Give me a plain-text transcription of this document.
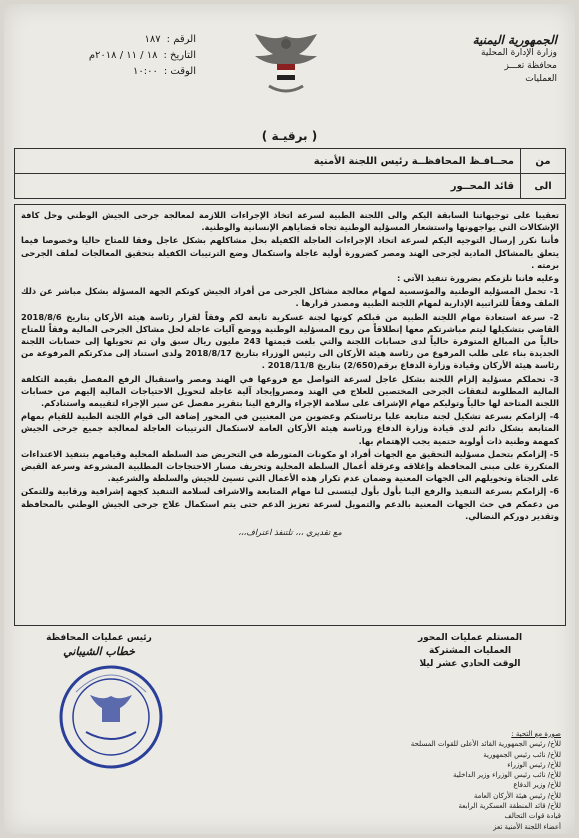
الجمهورية اليمنية
وزارة الإدارة المحلية
محافظة تعـــز
العمليات
الرقم :
١٨٧
التاريخ :
١٨ / ١١ / ٢٠١٨م
الوقت :
١٠:٠٠
( برقيـة )
من	محــافـظ المحافظــة رئيس اللجنة الأمنية
الى	قائد المحــور

تعقيبا على توجيهاتنا السابقة اليكم والى اللجنة الطبية لسرعة اتخاذ الإجراءات اللازمة لمعالجة جرحى الجيش الوطني وحل كافة الإشكالات التي يواجهونها واستشعار المسؤلية الوطنية تجاه قضاياهم الإنسانية والوطنية.

فأننا نكرر إرسال التوجيه اليكم لسرعة اتخاذ الإجراءات العاجلة الكفيلة بحل مشاكلهم بشكل عاجل وفقا للمتاح حاليا وخصوصا فيما يتعلق بالمشاكل المادية لجرحى الهند ومصر كضرورة أولية عاجلة واستكمال وضع الترتيبات الكفيلة بتحقيق المعالجات لملف الجرحى برمته .

وعليه فاننا نلزمكم بضرورة تنفيذ الآتي :

1- تحمل المسؤلية الوطنية والمؤسسية لمهام معالجة مشاكل الجرحى من أفراد الجيش كونكم الجهة المسؤلة بشكل مباشر عن ذلك الملف وفقاً للتراتبية الإدارية لمهام اللجنة الطبية ومصدر قرارها .

2- سرعة استعادة مهام اللجنة الطبية من قبلكم كونها لجنة عسكرية تابعة لكم وفقاً لقرار رئاسة هيئة الأركان بتاريخ 2018/8/6 القاضي بتشكيلها ليتم مباشرتكم معها إنطلاقاً من روح المسؤلية الوطنية ووضع آليات عاجلة لحل مشاكل الجرحى المالية وفقاً للمتاح حالياً من المبالغ المتوفرة حالياً لدى حسابات اللجنة والتي بلغت قيمتها 243 مليون ريال سبق وان تم تحويلها إلى حسابات اللجنة الجديدة بناء على طلب المرفوع من رئاسة هيئة الأركان الى رئيس الوزراء بتاريخ 2018/8/17 ولدى استناد إلى مذكرتكم المرفوعة من رئاسة هيئة الأركان وقيادة وزارة الدفاع برقم(2/650) بتاريخ 2018/11/8 .

3- تحملكم مسؤلية إلزام اللجنة بشكل عاجل لسرعة التواصل مع فروعها في الهند ومصر واستقبال الرفع المفصل بقيمة التكلفة المالية المطلوبة لنفقات الجرحى المختصين للعلاج في الهند ومصروإيجاد آلية عاجلة لتحويل الاحتياجات المالية إليهم من حسابات اللجنة المتاحة لها حالياً وتوليكم مهام الإشراف على سلامة الإجراء والرفع الينا بتقرير مفصل عن سير الإجراء لتقييمه واستنادكم.

4- إلزامكم بسرعة تشكيل لجنة متابعة عليا برئاستكم وعضوين من المعنيين في المحور إضافة الى قوام اللجنة الطبية للقيام بمهام المتابعة بشكل دائم لدى قيادة وزارة الدفاع ورئاسة هيئة الأركان العامة لاستكمال الترتيبات العاجلة لمعالجة جميع جرحى الجيش كمهمة وطنية ذات أولوية حتمية يجب الإهتمام بها.

5- إلزامكم بتحمل مسؤلية التحقيق مع الجهات أفراد او مكونات المتورطة في التحريض ضد السلطة المحلية وقيامهم بتنفيذ الاعتداءات المتكررة على مبنى المحافظة وإغلاقه وعرقلة أعمال السلطة المحلية وتحريف مسار الاحتجاجات المطلبية المشروعة وسرعة القبض على الجناة وتحويلهم الى الجهات المعنية وضمان عدم تكرار هذه الأعمال التي تسيئ للجيش والسلطة والشرعية.

6- إلزامكم بسرعة التنفيذ والرفع الينا بأول بأول ليتسنى لنا مهام المتابعة والاشراف لسلامة التنفيذ كجهة إشرافية ورقابية وللتمكن من دعمكم في حث الجهات المعنية بالدعم والتمويل لسرعة تعزيز الدعم حتى يتم استكمال علاج جرحى الجيش الوطني بالمحافظة وتقدير دوركم النضالي.

مع تقديري ،،، تلتنفذ اعتراف،،،
المستلم عمليات المحور
العمليات المشتركة
الوقت الحادي عشر ليلا
رئيس عمليات المحافظة
خطاب الشيباني
صورة مع التحية :
للأخ/ رئيس الجمهورية القائد الأعلى للقوات المسلحة
للأخ/ نائب رئيس الجمهورية
للأخ/ رئيس الوزراء
للأخ/ نائب رئيس الوزراء وزير الداخلية
للأخ/ وزير الدفاع
للأخ/ رئيس هيئة الأركان العامة
للأخ/ قائد المنطقة العسكرية الرابعة
قيادة قوات التحالف
أعضاء اللجنة الأمنية تعز
